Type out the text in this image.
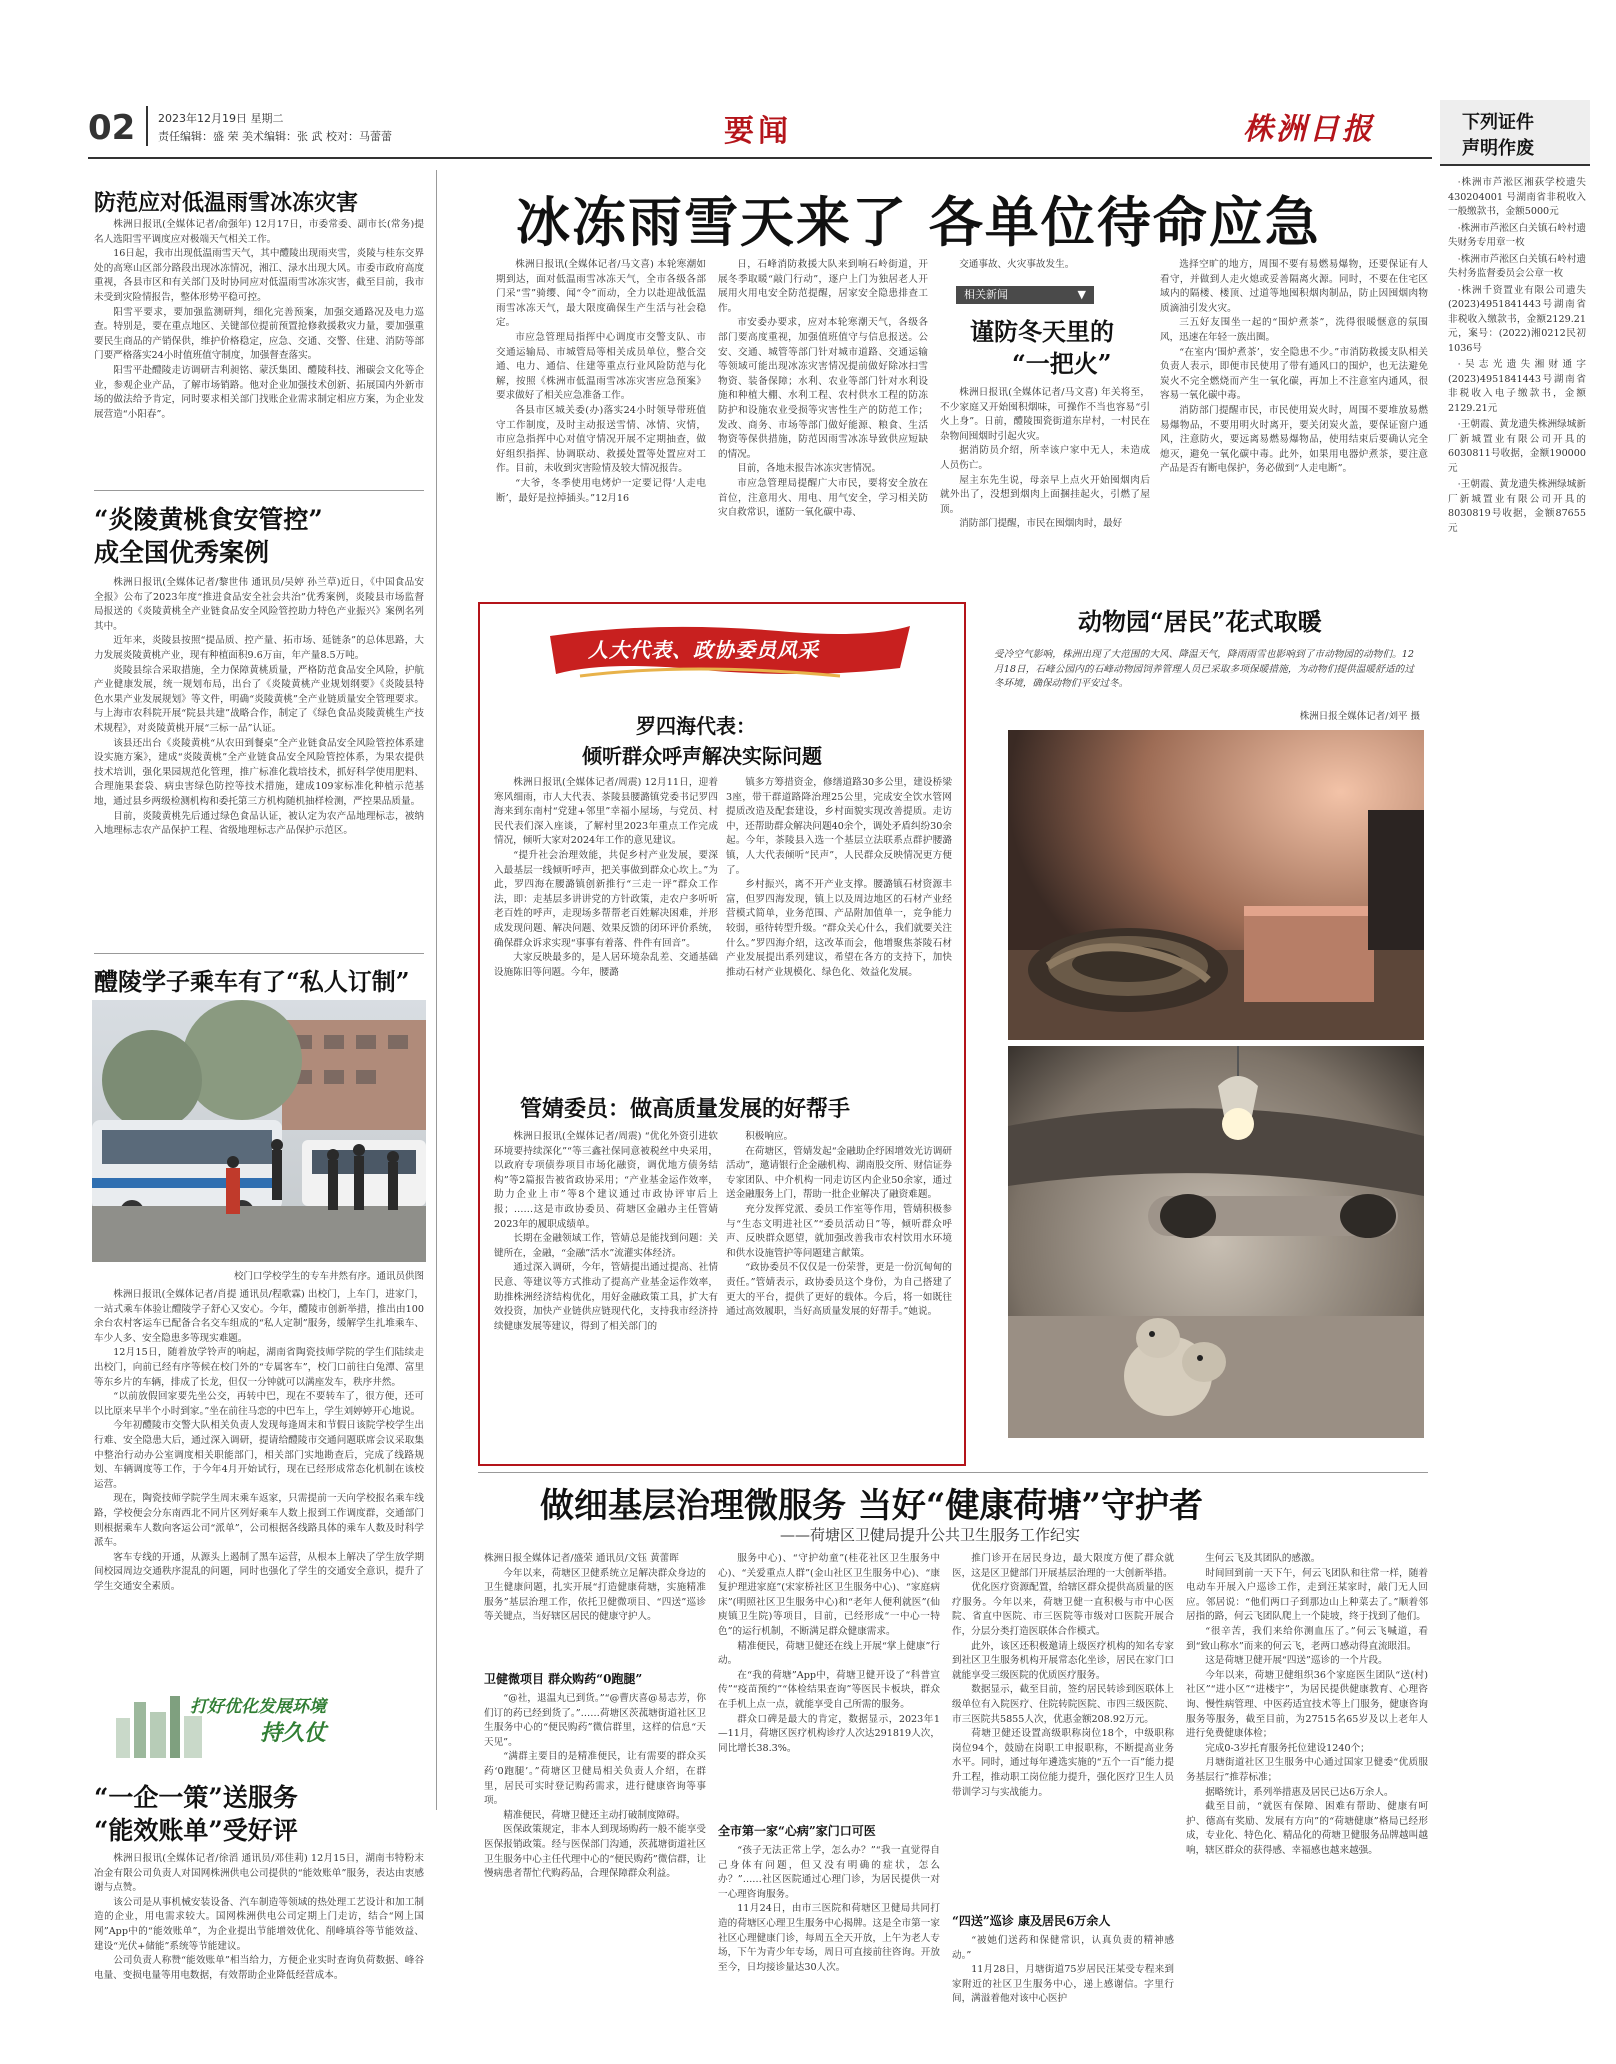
02 2023年12月19日 星期二
责任编辑：盛 荣 美术编辑：张 武 校对：马蕾蕾	要闻	株洲日报	下列证件
声明作废

·株洲市芦淞区湘荻学校遗失430204001 号湖南省非税收入一般缴款书，金额5000元

·株洲市芦淞区白关镇石岭村遗失财务专用章一枚

·株洲市芦淞区白关镇石岭村遗失村务监督委员会公章一枚

·株洲千资置业有限公司遗失(2023)4951841443号湖南省非税收入缴款书，金额2129.21元，案号：(2022)湘0212民初1036号

·吴志光遗失湘财通字(2023)4951841443号湖南省非税收入电子缴款书，金额2129.21元

·王朝霞、黄龙遗失株洲绿城新厂新城置业有限公司开具的6030811号收据，金额190000元

·王朝霞、黄龙遗失株洲绿城新厂新城置业有限公司开具的8030819号收据，金额87655元

防范应对低温雨雪冰冻灾害

株洲日报讯(全媒体记者/俞强年) 12月17日，市委常委、副市长(常务)提名人选阳雪平调度应对极端天气相关工作。

16日起，我市出现低温雨雪天气，其中醴陵出现雨夹雪，炎陵与桂东交界处的高寒山区部分路段出现冰冻情况，湘江、渌水出现大风。市委市政府高度重视，各县市区和有关部门及时协同应对低温雨雪冰冻灾害，截至目前，我市未受到灾险情报告，整体形势平稳可控。

阳雪平要求，要加强监测研判，细化完善预案，加强交通路况及电力巡查。特别是，要在重点地区、关键部位提前预置抢修救援救灾力量，要加强重要民生商品的产销保供，维护价格稳定，应急、交通、交警、住建、消防等部门要严格落实24小时值班值守制度，加强督查落实。

阳雪平赴醴陵走访调研吉利昶铭、蒙沃集团、醴陵科技、湘碳会文化等企业，参观企业产品，了解市场销路。他对企业加强技术创新、拓展国内外新市场的做法给予肯定，同时要求相关部门找账企业需求制定相应方案，为企业发展营造“小阳春”。

“炎陵黄桃食安管控”
成全国优秀案例

株洲日报讯(全媒体记者/黎世伟 通讯员/吴婷 孙兰草)近日，《中国食品安全报》公布了2023年度“推进食品安全社会共治”优秀案例，炎陵县市场监督局报送的《炎陵黄桃全产业链食品安全风险管控助力特色产业振兴》案例名列其中。

近年来，炎陵县按照“提品质、控产量、拓市场、延链条”的总体思路，大力发展炎陵黄桃产业，现有种植面积9.6万亩，年产量8.5万吨。

炎陵县综合采取措施，全力保障黄桃质量，严格防范食品安全风险，护航产业健康发展，统一规划布局，出台了《炎陵黄桃产业规划纲要》《炎陵县特色水果产业发展规划》等文件，明确“炎陵黄桃”全产业链质量安全管理要求。与上海市农科院开展“院县共建”战略合作，制定了《绿色食品炎陵黄桃生产技术规程》，对炎陵黄桃开展“三标一品”认证。

该县还出台《炎陵黄桃“从农田到餐桌”全产业链食品安全风险管控体系建设实施方案》，建成“炎陵黄桃”全产业链食品安全风险管控体系，为果农提供技术培训，强化果园规范化管理，推广标准化栽培技术，抓好科学使用肥料、合理施果套袋、病虫害绿色防控等技术措施，建成109家标准化种植示范基地，通过县乡两级检测机构和委托第三方机构随机抽样检测，严控果品质量。

目前，炎陵黄桃先后通过绿色食品认证，被认定为农产品地理标志，被纳入地理标志农产品保护工程、省级地理标志产品保护示范区。

醴陵学子乘车有了“私人订制”
校门口学校学生的专车井然有序。通讯员供图

株洲日报讯(全媒体记者/肖提 通讯员/程歌霖) 出校门，上车门，进家门，一站式乘车体验让醴陵学子舒心又安心。今年，醴陵市创新举措，推出由100余台农村客运车已配备合名交车组成的“私人定制”服务，缓解学生扎堆乘车、车少人多、安全隐患多等现实难题。

12月15日，随着放学铃声的响起，湖南省陶瓷技师学院的学生们陆续走出校门，向前已经有序等候在校门外的“专属客车”，校门口前往白兔潭、富里等东乡片的车辆，排成了长龙，但仅一分钟就可以满座发车，秩序井然。

“以前放假回家要先坐公交，再转中巴，现在不要转车了，很方便，还可以比原来早半个小时到家。”坐在前往马恋的中巴车上，学生刘婷婷开心地说。

今年初醴陵市交警大队相关负责人发现每逢周末和节假日该院学校学生出行难、安全隐患大后，通过深入调研，提请给醴陵市交通问题联席会议采取集中整治行动办公室调度相关职能部门，相关部门实地勘查后，完成了线路规划、车辆调度等工作，于今年4月开始试行，现在已经形成常态化机制在该校运营。

现在，陶瓷技师学院学生周末乘车返家，只需提前一天向学校报名乘车线路，学校便会分东南西北不同片区列好乘车人数上报到工作调度群，交通部门则根据乘车人数向客运公司“派单”，公司根据各线路具体的乘车人数及时科学派车。

客车专线的开通，从源头上遏制了黑车运营，从根本上解决了学生放学期间校园周边交通秩序混乱的问题，同时也强化了学生的交通安全意识，提升了学生交通安全素质。

打好优化发展环境
持久仗
“一企一策”送服务
“能效账单”受好评

株洲日报讯(全媒体记者/徐滔 通讯员/邓佳莉) 12月15日，湖南韦特粉末冶金有限公司负责人对国网株洲供电公司提供的“能效账单”服务，表达由衷感谢与点赞。

该公司是从事机械安装设备、汽车制造等领域的热处理工艺设计和加工制造的企业，用电需求较大。国网株洲供电公司定期上门走访，结合“网上国网”App中的“能效账单”，为企业提出节能增效优化、削峰填谷等节能效益、建设“光伏+储能”系统等节能建议。

公司负责人称赞“能效账单”相当给力，方便企业实时查询负荷数据、峰谷电量、变损电量等用电数据，有效帮助企业降低经营成本。

冰冻雨雪天来了 各单位待命应急

株洲日报讯(全媒体记者/马文喜) 本轮寒潮如期到达，面对低温雨雪冰冻天气，全市各级各部门采“雪”骑缨、闻“令”而动，全力以赴迎战低温雨雪冰冻天气，最大限度确保生产生活与社会稳定。

市应急管理局指挥中心调度市交警支队、市交通运输局、市城管局等相关成员单位，整合交通、电力、通信、住建等重点行业风险防范与化解，按照《株洲市低温雨雪冰冻灾害应急预案》要求做好了相关应急准备工作。

各县市区城关委(办)落实24小时领导带班值守工作制度，及时主动报送雪情、冰情、灾情，市应急指挥中心对值守情况开展不定期抽查，做好组织指挥、协调联动、救援处置等处置应对工作。目前，未收到灾害险情及较大情况报告。

“大爷，冬季使用电烤炉一定要记得‘人走电断’，最好是拉掉插头。”12月16

日，石峰消防救援大队来到响石岭街道，开展冬季取暖“敲门行动”，逐户上门为独居老人开展用火用电安全防范提醒，居家安全隐患排查工作。

市安委办要求，应对本轮寒潮天气，各级各部门要高度重视，加强值班值守与信息报送。公安、交通、城管等部门针对城市道路、交通运输等领域可能出现冰冻灾害情况提前做好除冰扫雪物资、装备保障；水利、农业等部门针对水利设施和种植大棚、水利工程、农村供水工程的防冻防护和设施农业受损等灾害性生产的防范工作；发改、商务、市场等部门做好能源、粮食、生活物资等保供措施，防范因雨雪冰冻导致供应短缺的情况。

目前，各地未报告冰冻灾害情况。

市应急管理局提醒广大市民，要将安全放在首位，注意用火、用电、用气安全，学习相关防灾自救常识，谨防一氧化碳中毒、

交通事故、火灾事故发生。

相关新闻	▼
谨防冬天里的
“一把火”

株洲日报讯(全媒体记者/马文喜) 年关将至，不少家庭又开始囤积烟味，可操作不当也容易“引火上身”。日前，醴陵围瓷街道东岸村，一村民在杂物间囤烟时引起火灾。

据消防员介绍，所幸该户家中无人，未造成人员伤亡。

屋主东先生说，母亲早上点火开始囤烟肉后就外出了，没想到烟肉上面捆挂起火，引燃了屋顶。

消防部门提醒，市民在囤烟肉时，最好

选择空旷的地方，周围不要有易燃易爆物，还要保证有人看守，并做到人走火熄或妥善隔离火源。同时，不要在住宅区域内的隔楼、楼顶、过道等地囤积烟肉制品，防止因囤烟肉物质滴油引发火灾。

三五好友围坐一起的“围炉煮茶”，洗得很暖惬意的氛围风，迅速在年轻一族出圈。

“在室内‘围炉煮茶’，安全隐患不少。”市消防救援支队相关负责人表示，即便市民使用了带有通风口的围炉，也无法避免炭火不完全燃烧而产生一氧化碳，再加上不注意室内通风，很容易一氧化碳中毒。

消防部门提醒市民，市民使用炭火时，周围不要堆放易燃易爆物品，不要用明火时离开，要关闭炭火盖，要保证窗户通风，注意防火，要远离易燃易爆物品，使用结束后要确认完全熄灭，避免一氧化碳中毒。此外，如果用电器炉煮茶，要注意产品是否有断电保护，务必做到“人走电断”。

人大代表、政协委员风采
罗四海代表：
倾听群众呼声解决实际问题

株洲日报讯(全媒体记者/周震) 12月11日，迎着寒风细雨，市人大代表、茶陵县腰潞镇党委书记罗四海来到东南村“党建+邻里”幸福小屋场，与党员、村民代表们深入座谈，了解村里2023年重点工作完成情况，倾听大家对2024年工作的意见建议。

“提升社会治理效能，共促乡村产业发展，要深入最基层一线倾听呼声，把关事做到群众心坎上。”为此，罗四海在腰潞镇创新推行“三走一评”群众工作法，即：走基层多讲讲党的方针政策，走农户多听听老百姓的呼声，走现场多帮帮老百姓解决困难，并形成发现问题、解决问题、效果反馈的闭环评价系统，确保群众诉求实现“事事有着落、件件有回音”。

大家反映最多的，是人居环境杂乱差、交通基础设施陈旧等问题。今年，腰潞

镇多方筹措资金，修缮道路30多公里，建设桥梁3座，带干群道路降治理25公里，完成安全饮水管网提质改造及配套建设，乡村面貌实现改善提质。走访中，还帮助群众解决问题40余个，调处矛盾纠纷30余起。今年，茶陵县入选一个基层立法联系点群护腰潞镇，人大代表倾听“民声”，人民群众反映情况更方便了。

乡村振兴，离不开产业支撑。腰潞镇石材资源丰富，但罗四海发现，镇上以及周边地区的石材产业经营模式简单，业务范围、产品附加值单一，竞争能力较弱，亟待转型升级。“群众关心什么，我们就要关注什么。”罗四海介绍，这改革而会，他增聚焦茶陵石材产业发展提出系列建议，希望在各方的支持下，加快推动石材产业规模化、绿色化、效益化发展。

管婧委员：做高质量发展的好帮手

株洲日报讯(全媒体记者/周震) “优化外资引进软环境要持续深化”“等三鑫社保同意被税丝中央采用，以政府专项债券项目市场化融资，调优地方债务结构”等2篇报告被省政协采用；“产业基金运作效率，助力企业上市”等8个建议通过市政协评审后上报；……这是市政协委员、荷塘区金融办主任管婧2023年的履职成绩单。

长期在金融领域工作，管婧总是能找到问题：关键所在，金融，“金融”活水”流灌实体经济。

通过深入调研，今年，管婧提出通过提高、社情民意、等建议等方式推动了提高产业基金运作效率，助推株洲经济结构优化，用好金融政策工具，扩大有效投资，加快产业链供应链现代化，支持我市经济持续健康发展等建议，得到了相关部门的

积极响应。

在荷塘区，管婧发起“金融助企纾困增效光访调研活动”，邀请银行企金融机构、湖南股交所、财信证券专家团队、中介机构一同走访区内企业50余家，通过送金融服务上门，帮助一批企业解决了融资难题。

充分发挥党派、委员工作室等作用，管婧积极参与“生态文明进社区”“委员活动日”等，倾听群众呼声、反映群众愿望，就加强改善我市农村饮用水环境和供水设施管护等问题建言献策。

“政协委员不仅仅是一份荣誉，更是一份沉甸甸的责任。”管婧表示，政协委员这个身份，为自己搭建了更大的平台，提供了更好的载体。今后，将一如既往通过高效履职，当好高质量发展的好帮手。”她说。

动物园“居民”花式取暖
受冷空气影响，株洲出现了大范围的大风、降温天气，降雨雨雪也影响到了市动物园的动物们。12月18日，石峰公园内的石峰动物园饲养管理人员已采取多项保暖措施，为动物们提供温暖舒适的过冬环境，确保动物们平安过冬。
株洲日报全媒体记者/刘平 摄
做细基层治理微服务 当好“健康荷塘”守护者
——荷塘区卫健局提升公共卫生服务工作纪实

株洲日报全媒体记者/盛荣 通讯员/文钰 黄蕾晖

今年以来，荷塘区卫健系统立足解决群众身边的卫生健康问题，扎实开展“打造健康荷塘，实施精准服务”基层治理工作，依托卫健微项目、“四送”巡诊等关键点，当好辖区居民的健康守护人。

卫健微项目 群众购药“0跑腿”

“@社，退温丸已到货。”“@曹庆喜@易志芳，你们订的药已经到货了。”……荷塘区茨菰塘街道社区卫生服务中心的“便民购药”微信群里，这样的信息“天天见”。

“满群主要目的是精准便民，让有需要的群众买药‘0跑腿’。”荷塘区卫健局相关负责人介绍，在群里，居民可实时登记购药需求，进行健康咨询等事项。

精准便民，荷塘卫健还主动打破制度障碍。

医保政策规定，非本人到现场购药一般不能享受医保报销政策。经与医保部门沟通，茨菰塘街道社区卫生服务中心主任代理中心的“便民购药”微信群，让慢病患者帮忙代购药品，合理保障群众利益。

服务中心)、“守护幼童”(桂花社区卫生服务中心)、“关爱重点人群”(金山社区卫生服务中心)、“康复护理进家庭”(宋家桥社区卫生服务中心)、“家庭病床”(明照社区卫生服务中心)和“老年人便利就医”(仙庾镇卫生院)等项目，目前，已经形成“一中心一特色”的运行机制，不断满足群众健康需求。

精准便民，荷塘卫健还在线上开展“掌上健康”行动。

在“我的荷塘”App中，荷塘卫健开设了“科普宣传”“疫苗预约”“体检结果查询”等医民卡板块，群众在手机上点一点，就能享受自己所需的服务。

群众口碑是最大的肯定，数据显示，2023年1—11月，荷塘区医疗机构诊疗人次达291819人次，同比增长38.3%。

全市第一家“心病”家门口可医

“孩子无法正常上学，怎么办？”“我一直觉得自己身体有问题，但又没有明确的症状，怎么办？”……社区医院通过心理门诊，为居民提供一对一心理咨询服务。

11月24日，由市三医院和荷塘区卫健局共同打造的荷塘区心理卫生服务中心揭牌。这是全市第一家社区心理健康门诊，每周五全天开放，上午为老人专场，下午为青少年专场，周日可直接前往咨询。开放至今，日均接诊量达30人次。

推门诊开在居民身边，最大限度方便了群众就医，这是区卫健部门开展基层治理的一大创新举措。

优化医疗资源配置，给辖区群众提供高质量的医疗服务。今年以来，荷塘卫健一直积极与市中心医院、省直中医院、市三医院等市级对口医院开展合作，分层分类打造医联体合作模式。

此外，该区还积极邀请上级医疗机构的知名专家到社区卫生服务机构开展常态化坐诊，居民在家门口就能享受三级医院的优质医疗服务。

数据显示，截至目前，签约居民转诊到医联体上级单位有入院医疗、住院转院医院、市四三级医院、市三医院共5855人次，优惠金额208.92万元。

荷塘卫健还设置高级职称岗位18个，中级职称岗位94个，鼓励在岗职工申报职称，不断提高业务水平。同时，通过每年遴选实施的“五个一百”能力提升工程，推动职工岗位能力提升，强化医疗卫生人员带训学习与实战能力。

“四送”巡诊 康及居民6万余人

“被她们送药和保健常识，认真负责的精神感动。”

11月28日，月塘街道75岁居民汪某受专程来到家附近的社区卫生服务中心，递上感谢信。字里行间，满溢着他对该中心医护

生何云飞及其团队的感激。

时间回到前一天下午，何云飞团队和往常一样，随着电动车开展入户巡诊工作，走到汪某家时，敲门无人回应。邻居说：“他们两口子到那边山上种菜去了。”顺着邻居指的路，何云飞团队爬上一个陡坡，终于找到了他们。

“很辛苦，我们来给你测血压了。”何云飞喊道，看到“致山称水”而来的何云飞，老两口感动得直流眼泪。

这是荷塘卫健开展“四送”巡诊的一个片段。

今年以来，荷塘卫健组织36个家庭医生团队“送(村)社区”“进小区”“进楼宇”，为居民提供健康教育、心理咨询、慢性病管理、中医药适宜技术等上门服务，健康咨询服务等服务，截至目前，为27515名65岁及以上老年人进行免费健康体检；

完成0-3岁托育服务托位建设1240个；

月塘街道社区卫生服务中心通过国家卫健委“优质服务基层行”推荐标准；

据略统计，系列举措惠及居民已达6万余人。

截至目前，“就医有保障、困难有帮助、健康有呵护、德高有奖励、发展有方向”的“荷塘健康”格局已经形成，专业化、特色化、精品化的荷塘卫健服务品牌越叫越响，辖区群众的获得感、幸福感也越来越强。
